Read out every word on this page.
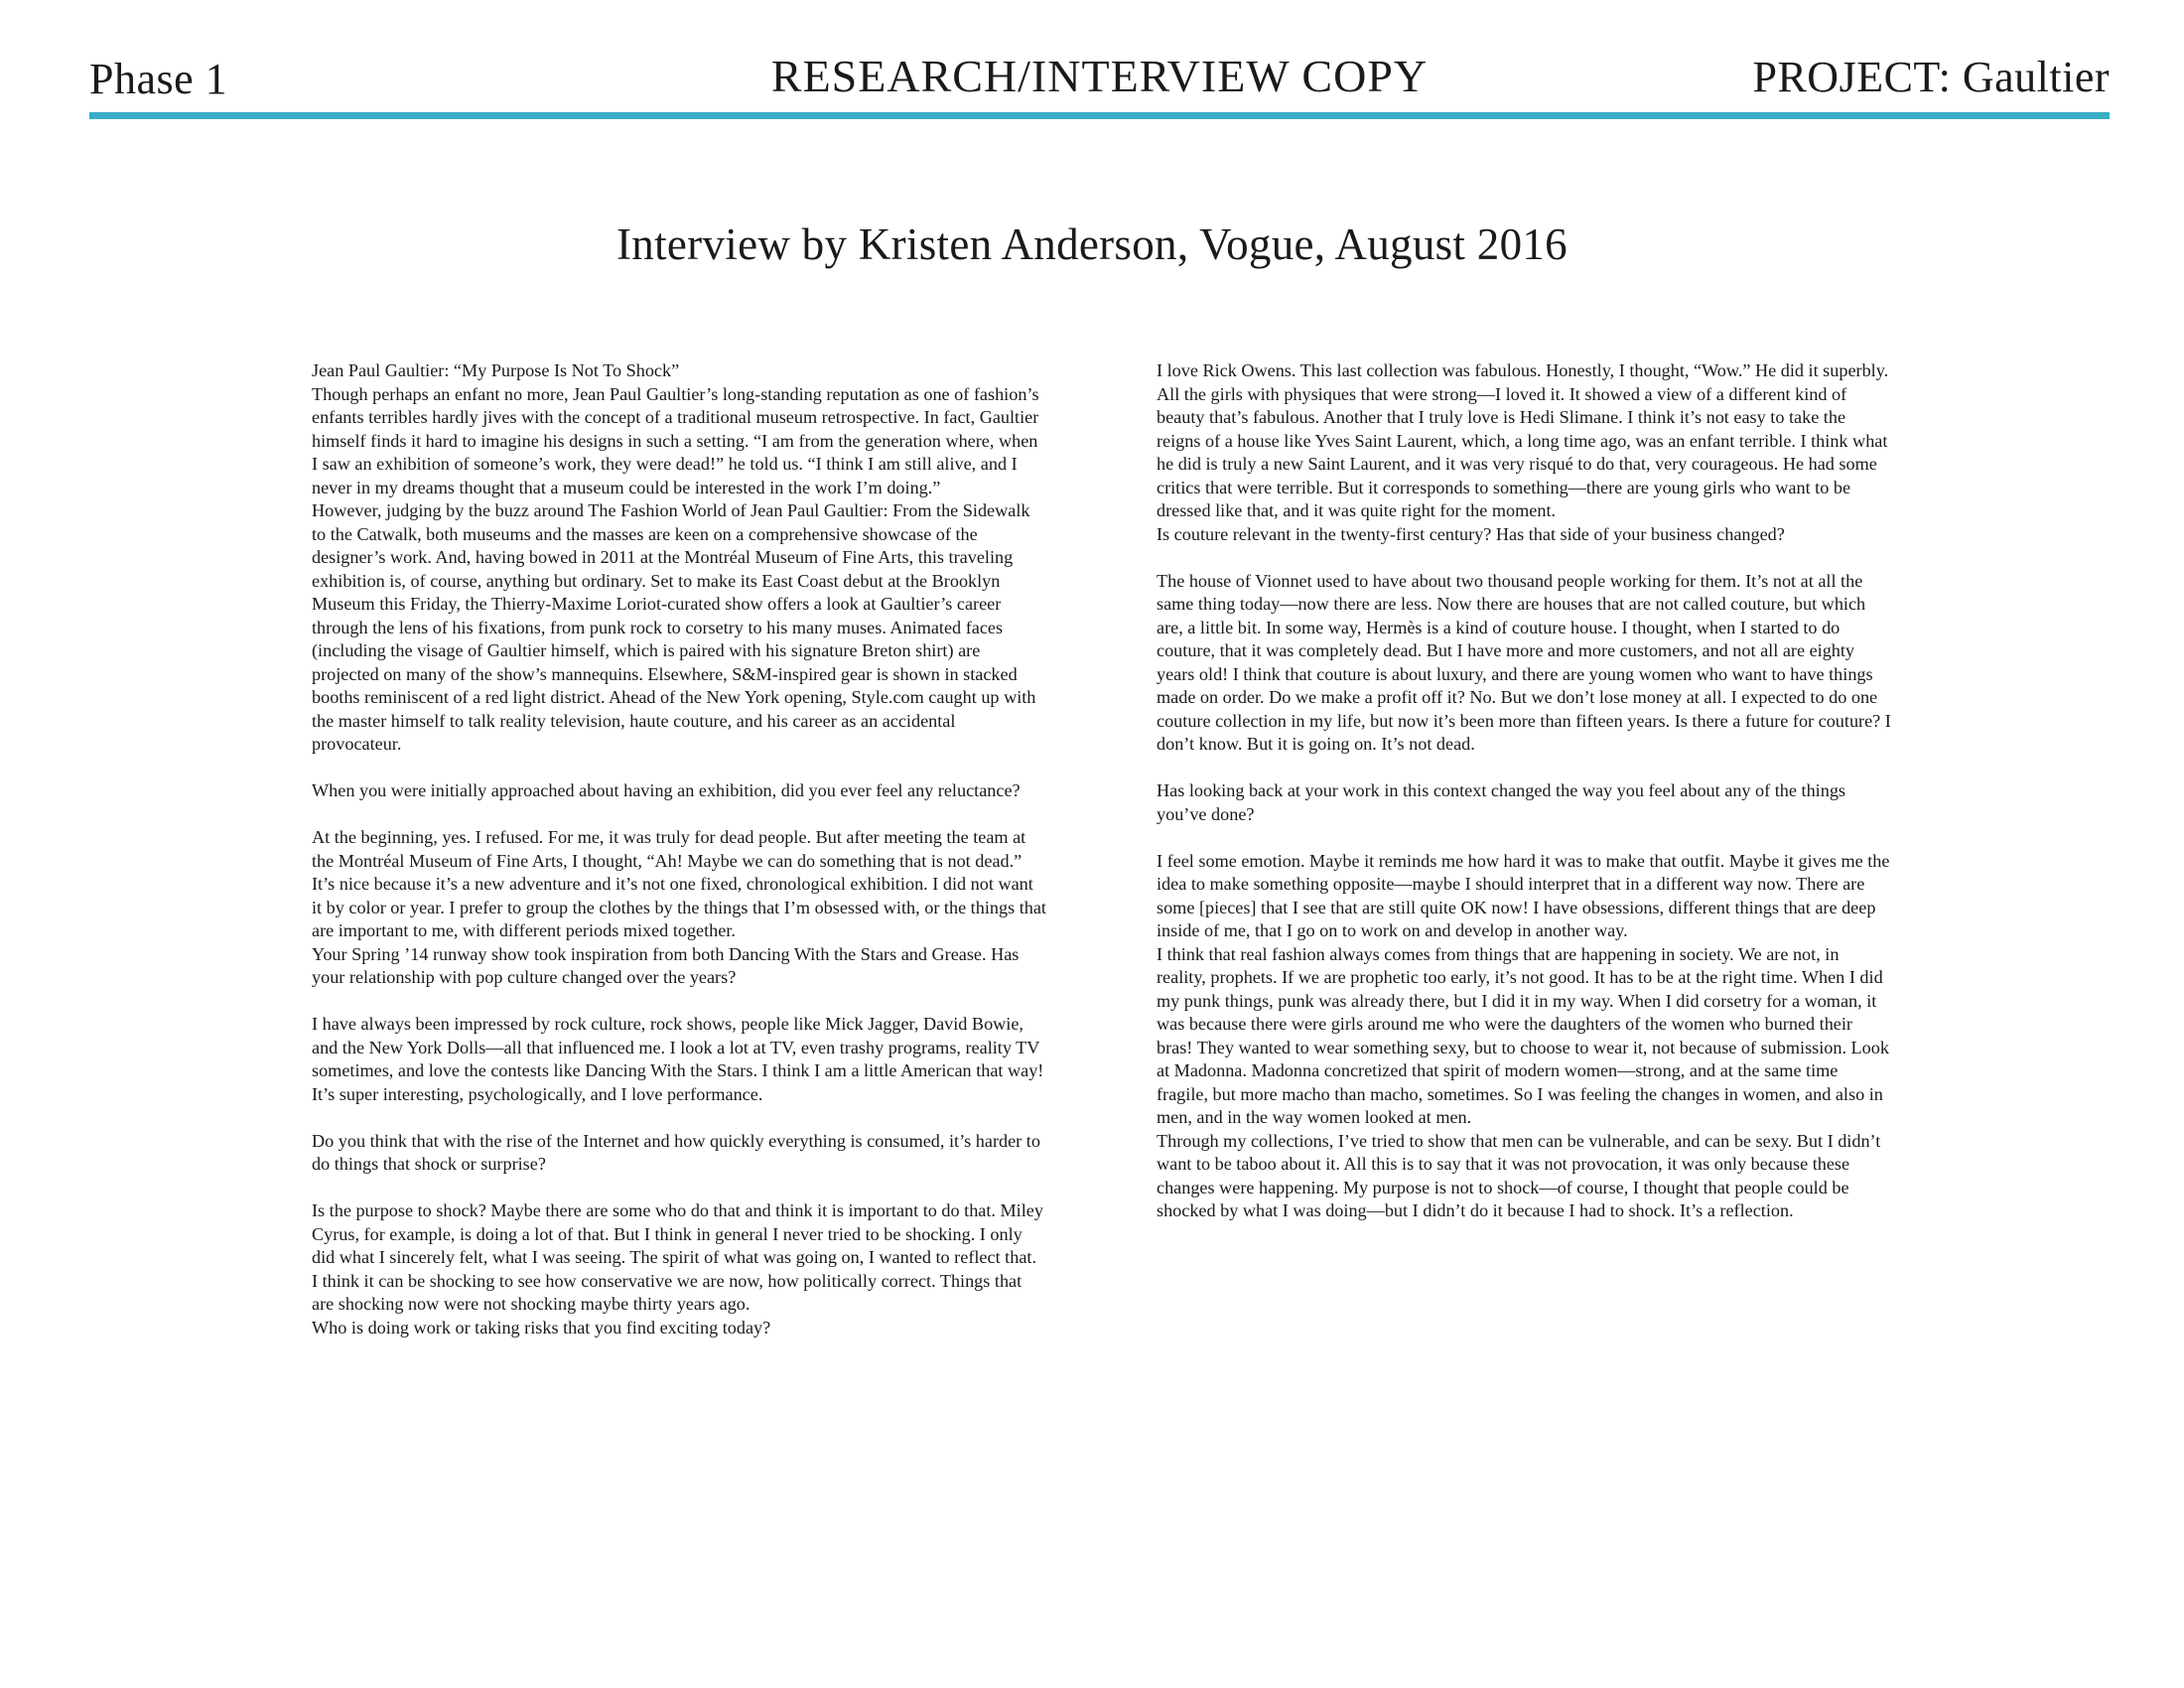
Phase 1	RESEARCH/INTERVIEW COPY	PROJECT: Gaultier
Interview by Kristen Anderson, Vogue, August 2016

Jean Paul Gaultier: “My Purpose Is Not To Shock”
Though perhaps an enfant no more, Jean Paul Gaultier’s long-standing reputation as one of fashion’s enfants terribles hardly jives with the concept of a traditional museum retrospective. In fact, Gaultier himself finds it hard to imagine his designs in such a setting. “I am from the generation where, when I saw an exhibition of someone’s work, they were dead!” he told us. “I think I am still alive, and I never in my dreams thought that a museum could be interested in the work I’m doing.”
However, judging by the buzz around The Fashion World of Jean Paul Gaultier: From the Sidewalk to the Catwalk, both museums and the masses are keen on a comprehensive showcase of the designer’s work. And, having bowed in 2011 at the Montréal Museum of Fine Arts, this traveling exhibition is, of course, anything but ordinary. Set to make its East Coast debut at the Brooklyn Museum this Friday, the Thierry-Maxime Loriot-curated show offers a look at Gaultier’s career through the lens of his fixations, from punk rock to corsetry to his many muses. Animated faces (including the visage of Gaultier himself, which is paired with his signature Breton shirt) are projected on many of the show’s mannequins. Elsewhere, S&M-inspired gear is shown in stacked booths reminiscent of a red light district. Ahead of the New York opening, Style.com caught up with the master himself to talk reality television, haute couture, and his career as an accidental provocateur.

When you were initially approached about having an exhibition, did you ever feel any reluctance?

At the beginning, yes. I refused. For me, it was truly for dead people. But after meeting the team at the Montréal Museum of Fine Arts, I thought, “Ah! Maybe we can do something that is not dead.” It’s nice because it’s a new adventure and it’s not one fixed, chronological exhibition. I did not want it by color or year. I prefer to group the clothes by the things that I’m obsessed with, or the things that are important to me, with different periods mixed together.
Your Spring ’14 runway show took inspiration from both Dancing With the Stars and Grease. Has your relationship with pop culture changed over the years?

I have always been impressed by rock culture, rock shows, people like Mick Jagger, David Bowie, and the New York Dolls—all that influenced me. I look a lot at TV, even trashy programs, reality TV sometimes, and love the contests like Dancing With the Stars. I think I am a little American that way! It’s super interesting, psychologically, and I love performance.

Do you think that with the rise of the Internet and how quickly everything is consumed, it’s harder to do things that shock or surprise?

Is the purpose to shock? Maybe there are some who do that and think it is important to do that. Miley Cyrus, for example, is doing a lot of that. But I think in general I never tried to be shocking. I only did what I sincerely felt, what I was seeing. The spirit of what was going on, I wanted to reflect that. I think it can be shocking to see how conservative we are now, how politically correct. Things that are shocking now were not shocking maybe thirty years ago.
Who is doing work or taking risks that you find exciting today?

I love Rick Owens. This last collection was fabulous. Honestly, I thought, “Wow.” He did it superbly. All the girls with physiques that were strong—I loved it. It showed a view of a different kind of beauty that’s fabulous. Another that I truly love is Hedi Slimane. I think it’s not easy to take the reigns of a house like Yves Saint Laurent, which, a long time ago, was an enfant terrible. I think what he did is truly a new Saint Laurent, and it was very risqué to do that, very courageous. He had some critics that were terrible. But it corresponds to something—there are young girls who want to be dressed like that, and it was quite right for the moment.
Is couture relevant in the twenty-first century? Has that side of your business changed?

The house of Vionnet used to have about two thousand people working for them. It’s not at all the same thing today—now there are less. Now there are houses that are not called couture, but which are, a little bit. In some way, Hermès is a kind of couture house. I thought, when I started to do couture, that it was completely dead. But I have more and more customers, and not all are eighty years old! I think that couture is about luxury, and there are young women who want to have things made on order. Do we make a profit off it? No. But we don’t lose money at all. I expected to do one couture collection in my life, but now it’s been more than fifteen years. Is there a future for couture? I don’t know. But it is going on. It’s not dead.

Has looking back at your work in this context changed the way you feel about any of the things you’ve done?

I feel some emotion. Maybe it reminds me how hard it was to make that outfit. Maybe it gives me the idea to make something opposite—maybe I should interpret that in a different way now. There are some [pieces] that I see that are still quite OK now! I have obsessions, different things that are deep inside of me, that I go on to work on and develop in another way.
I think that real fashion always comes from things that are happening in society. We are not, in reality, prophets. If we are prophetic too early, it’s not good. It has to be at the right time. When I did my punk things, punk was already there, but I did it in my way. When I did corsetry for a woman, it was because there were girls around me who were the daughters of the women who burned their bras! They wanted to wear something sexy, but to choose to wear it, not because of submission. Look at Madonna. Madonna concretized that spirit of modern women—strong, and at the same time fragile, but more macho than macho, sometimes. So I was feeling the changes in women, and also in men, and in the way women looked at men.
Through my collections, I’ve tried to show that men can be vulnerable, and can be sexy. But I didn’t want to be taboo about it. All this is to say that it was not provocation, it was only because these changes were happening. My purpose is not to shock—of course, I thought that people could be shocked by what I was doing—but I didn’t do it because I had to shock. It’s a reflection.
